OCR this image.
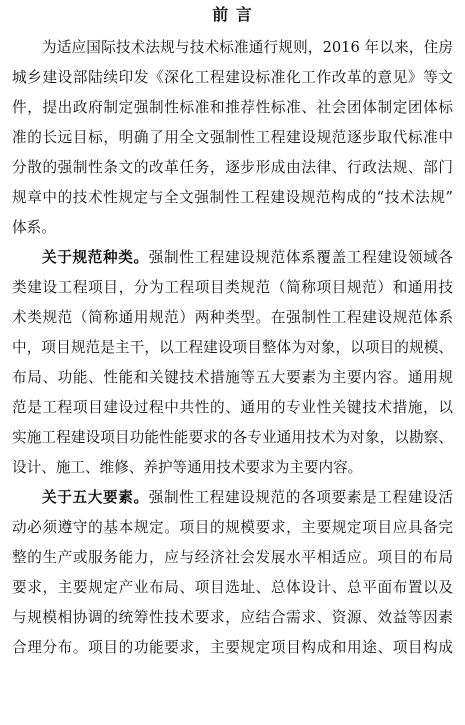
前 言
为适应国际技术法规与技术标准通行规则，2016 年以来，住房
城乡建设部陆续印发《深化工程建设标准化工作改革的意见》等文
件，提出政府制定强制性标准和推荐性标准、社会团体制定团体标
准的长远目标，明确了用全文强制性工程建设规范逐步取代标准中
分散的强制性条文的改革任务，逐步形成由法律、行政法规、部门
规章中的技术性规定与全文强制性工程建设规范构成的“技术法规”
体系。
关于规范种类。强制性工程建设规范体系覆盖工程建设领域各
类建设工程项目，分为工程项目类规范（简称项目规范）和通用技
术类规范（简称通用规范）两种类型。在强制性工程建设规范体系
中，项目规范是主干，以工程建设项目整体为对象，以项目的规模、
布局、功能、性能和关键技术措施等五大要素为主要内容。通用规
范是工程项目建设过程中共性的、通用的专业性关键技术措施，以
实施工程建设项目功能性能要求的各专业通用技术为对象，以勘察、
设计、施工、维修、养护等通用技术要求为主要内容。
关于五大要素。强制性工程建设规范的各项要素是工程建设活
动必须遵守的基本规定。项目的规模要求，主要规定项目应具备完
整的生产或服务能力，应与经济社会发展水平相适应。项目的布局
要求，主要规定产业布局、项目选址、总体设计、总平面布置以及
与规模相协调的统筹性技术要求，应结合需求、资源、效益等因素
合理分布。项目的功能要求，主要规定项目构成和用途、项目构成
